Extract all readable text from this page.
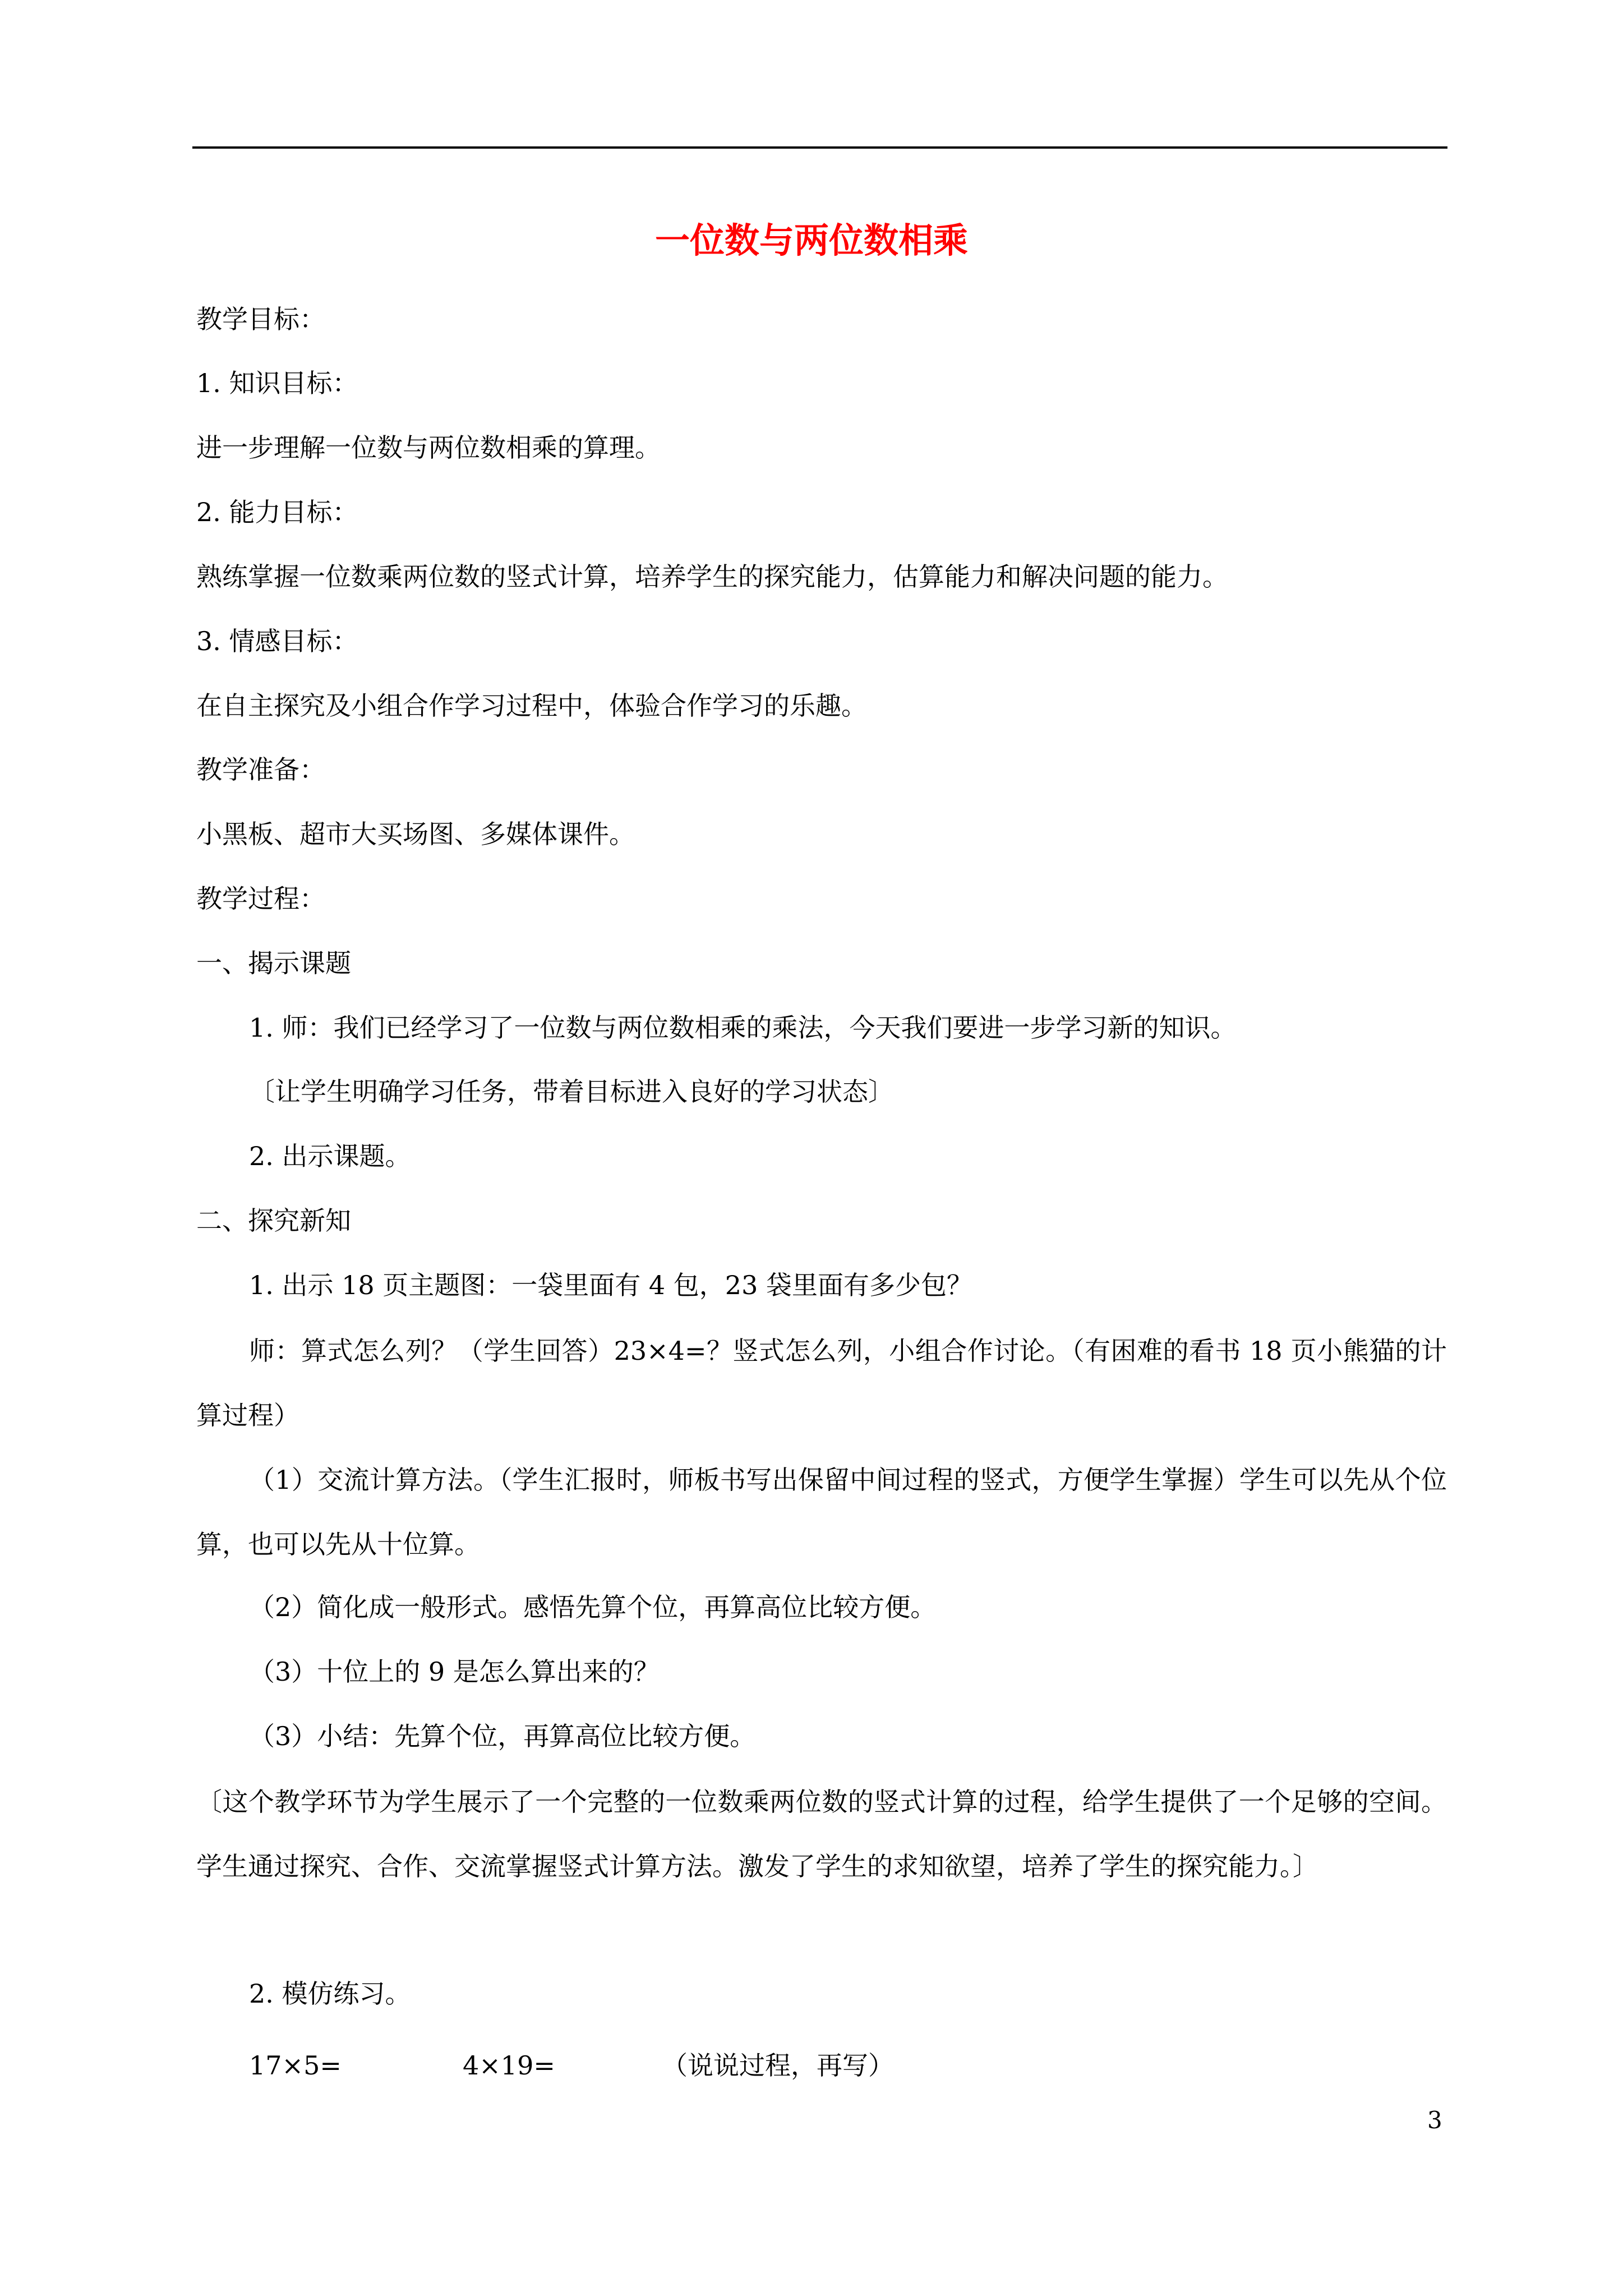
一位数与两位数相乘
教学目标：
1. 知识目标：
进一步理解一位数与两位数相乘的算理。
2. 能力目标：
熟练掌握一位数乘两位数的竖式计算，培养学生的探究能力，估算能力和解决问题的能力。
3. 情感目标：
在自主探究及小组合作学习过程中，体验合作学习的乐趣。
教学准备：
小黑板、超市大买场图、多媒体课件。
教学过程：
一、揭示课题
1. 师：我们已经学习了一位数与两位数相乘的乘法，今天我们要进一步学习新的知识。
〔让学生明确学习任务，带着目标进入良好的学习状态〕
2. 出示课题。
二、探究新知
1. 出示 18 页主题图：一袋里面有 4 包，23 袋里面有多少包？
师：算式怎么列？（学生回答）23×4=？竖式怎么列，小组合作讨论。（有困难的看书 18 页小熊猫的计算过程）
（1）交流计算方法。（学生汇报时，师板书写出保留中间过程的竖式，方便学生掌握）学生可以先从个位算，也可以先从十位算。
（2）简化成一般形式。感悟先算个位，再算高位比较方便。
（3）十位上的 9 是怎么算出来的？
（3）小结：先算个位，再算高位比较方便。
〔这个教学环节为学生展示了一个完整的一位数乘两位数的竖式计算的过程，给学生提供了一个足够的空间。学生通过探究、合作、交流掌握竖式计算方法。激发了学生的求知欲望，培养了学生的探究能力。〕
2. 模仿练习。
17×5=	4×19=	（说说过程，再写）
3
